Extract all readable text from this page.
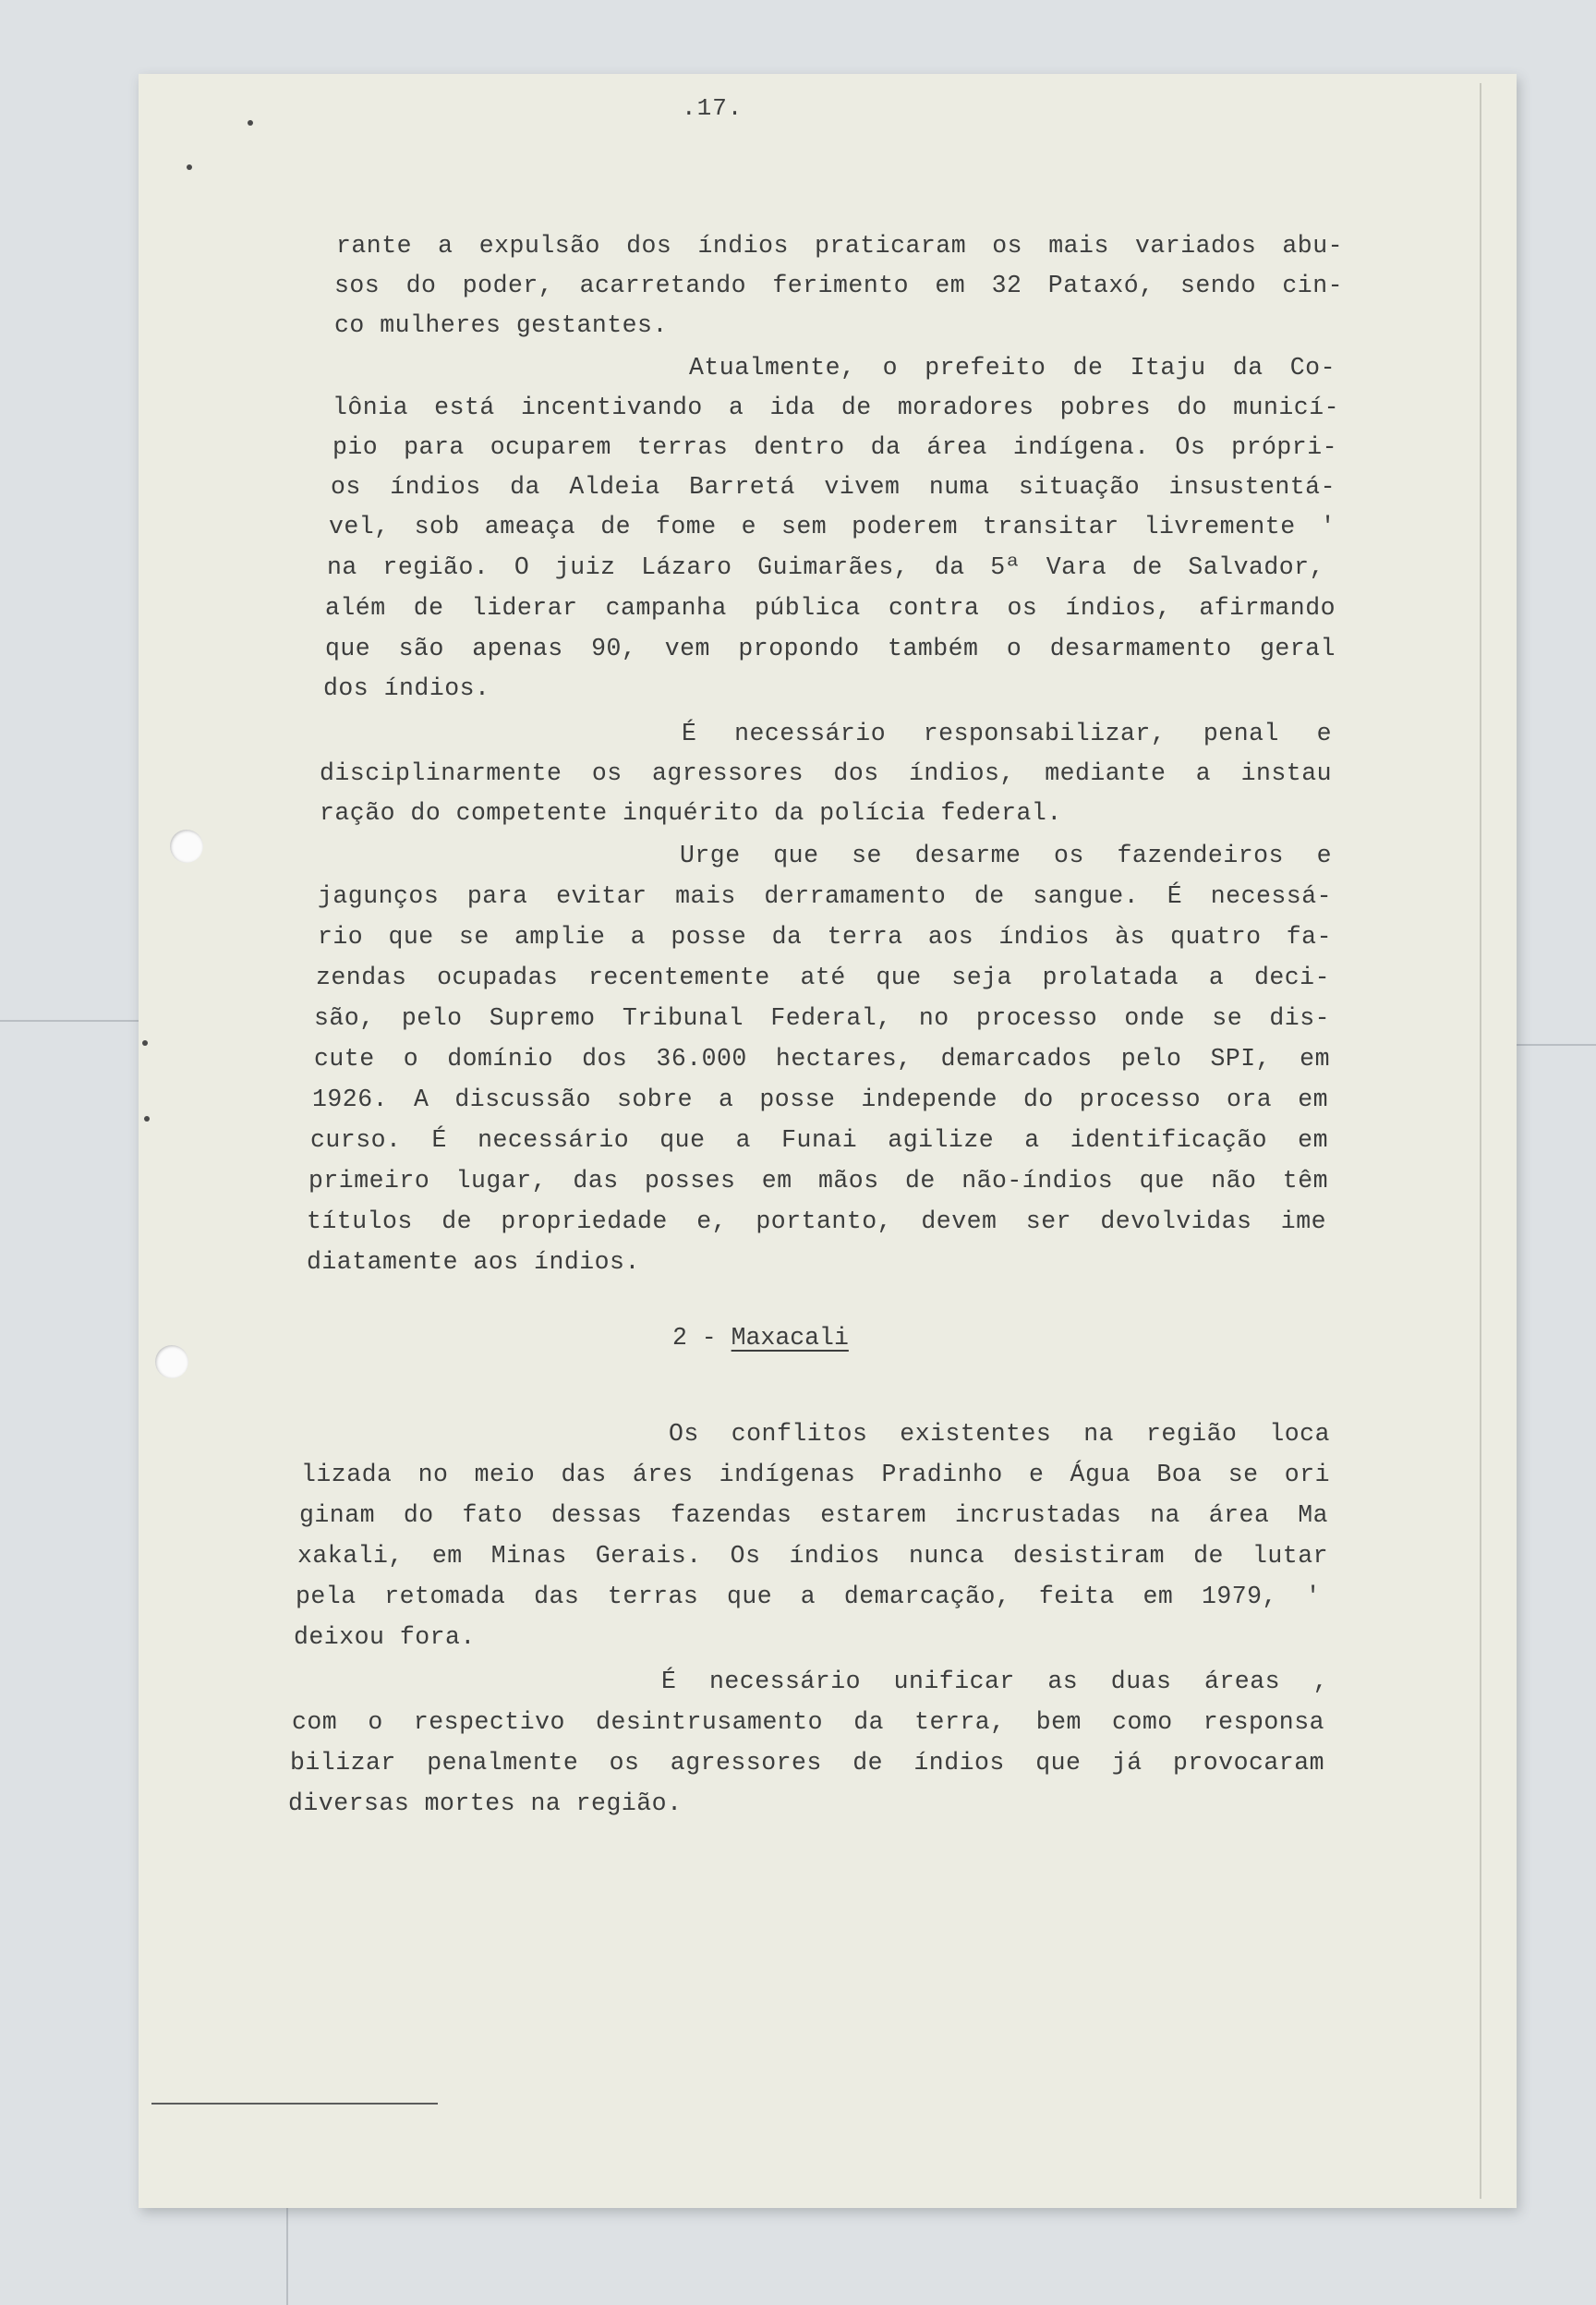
.17.

rante a expulsão dos índios praticaram os mais variados abu-

sos do poder, acarretando ferimento em 32 Pataxó, sendo cin-

co mulheres gestantes.

Atualmente, o prefeito de Itaju da Co-

lônia está incentivando a ida de moradores pobres do municí-

pio para ocuparem terras dentro da área indígena. Os própri-

os índios da Aldeia Barretá vivem numa situação insustentá-

vel, sob ameaça de fome e sem poderem transitar livremente '

na região. O juiz Lázaro Guimarães, da 5ª Vara de Salvador,

além de liderar campanha pública contra os índios, afirmando

que são apenas 90, vem propondo também o desarmamento geral

dos índios.

É necessário responsabilizar, penal e

disciplinarmente os agressores dos índios, mediante a instau

ração do competente inquérito da polícia federal.

Urge que se desarme os fazendeiros e

jagunços para evitar mais derramamento de sangue. É necessá-

rio que se amplie a posse da terra aos índios às quatro fa-

zendas ocupadas recentemente até que seja prolatada a deci-

são, pelo Supremo Tribunal Federal, no processo onde se dis-

cute o domínio dos 36.000 hectares, demarcados pelo SPI, em

1926. A discussão sobre a posse independe do processo ora em

curso. É necessário que a Funai agilize a identificação em

primeiro lugar, das posses em mãos de não-índios que não têm

títulos de propriedade e, portanto, devem ser devolvidas ime

diatamente aos índios.

2 - Maxacali

Os conflitos existentes na região loca

lizada no meio das áres indígenas Pradinho e Água Boa se ori

ginam do fato dessas fazendas estarem incrustadas na área Ma

xakali, em Minas Gerais. Os índios nunca desistiram de lutar

pela retomada das terras que a demarcação, feita em 1979, '

deixou fora.

É necessário unificar as duas áreas ,

com o respectivo desintrusamento da terra, bem como responsa

bilizar penalmente os agressores de índios que já provocaram

diversas mortes na região.
